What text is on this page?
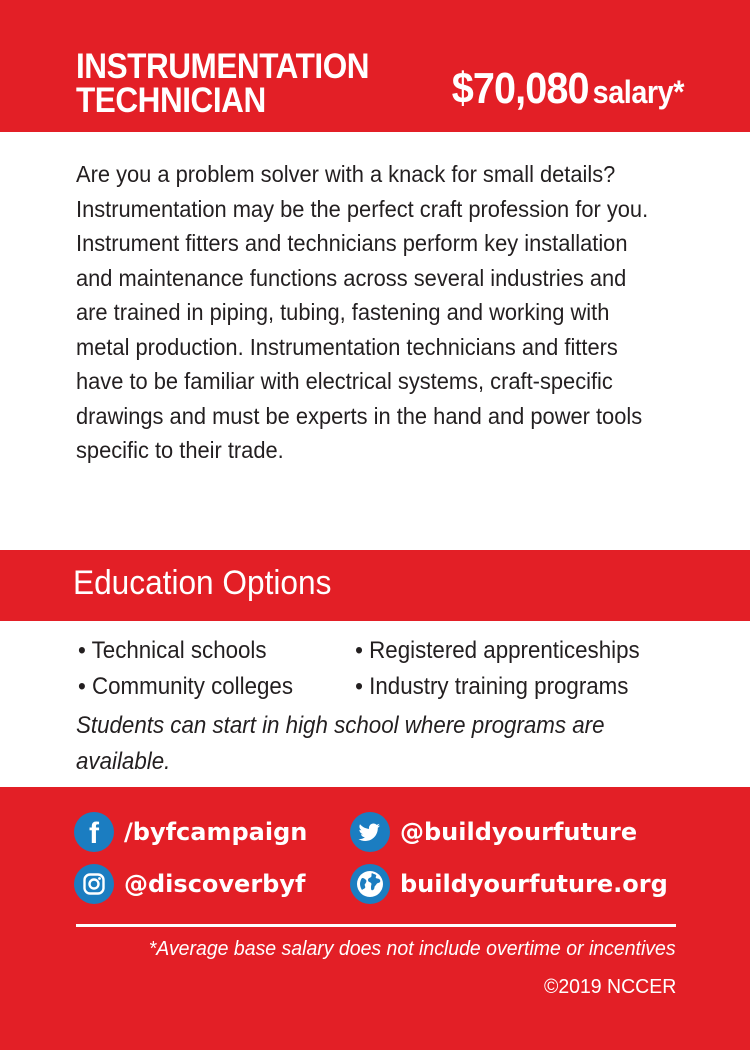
INSTRUMENTATION
TECHNICIAN	$70,080 salary*
Are you a problem solver with a knack for small details? Instrumentation may be the perfect craft profession for you. Instrument fitters and technicians perform key installation and maintenance functions across several industries and are trained in piping, tubing, fastening and working with metal production. Instrumentation technicians and fitters have to be familiar with electrical systems, craft-specific drawings and must be experts in the hand and power tools specific to their trade.
Education Options
• Technical schools
• Community colleges
• Registered apprenticeships
• Industry training programs
Students can start in high school where programs are available.
f /byfcampaign	@buildyourfuture
@discoverbyf	buildyourfuture.org
*Average base salary does not include overtime or incentives
©2019 NCCER
